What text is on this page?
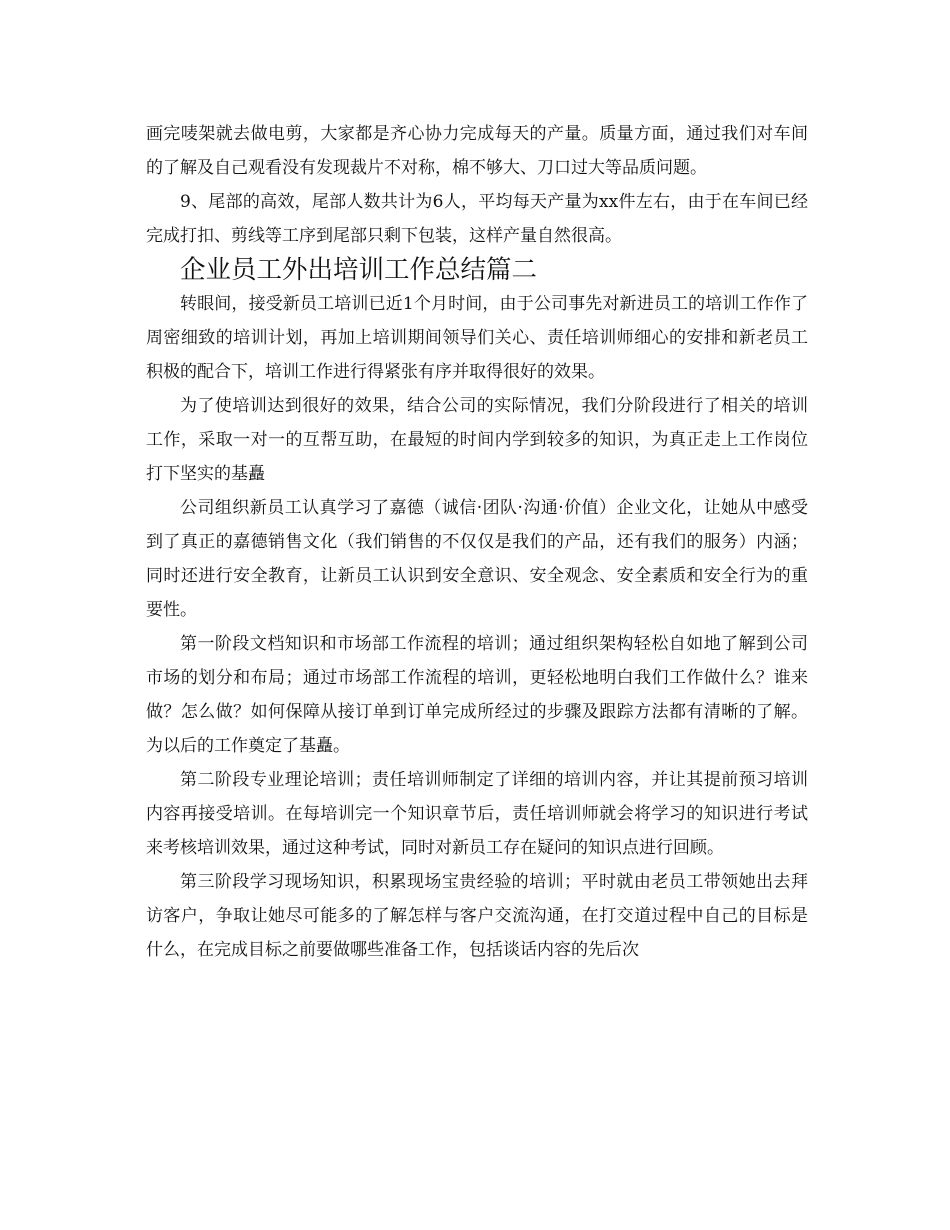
画完唛架就去做电剪，大家都是齐心协力完成每天的产量。质量方面，通过我们对车间的了解及自己观看没有发现裁片不对称，棉不够大、刀口过大等品质问题。

9、尾部的高效，尾部人数共计为6人，平均每天产量为xx件左右，由于在车间已经完成打扣、剪线等工序到尾部只剩下包装，这样产量自然很高。

企业员工外出培训工作总结篇二

转眼间，接受新员工培训已近1个月时间，由于公司事先对新进员工的培训工作作了周密细致的培训计划，再加上培训期间领导们关心、责任培训师细心的安排和新老员工积极的配合下，培训工作进行得紧张有序并取得很好的效果。

为了使培训达到很好的效果，结合公司的实际情况，我们分阶段进行了相关的培训工作，采取一对一的互帮互助，在最短的时间内学到较多的知识，为真正走上工作岗位打下坚实的基矗

公司组织新员工认真学习了嘉德（诚信·团队·沟通·价值）企业文化，让她从中感受到了真正的嘉德销售文化（我们销售的不仅仅是我们的产品，还有我们的服务）内涵；同时还进行安全教育，让新员工认识到安全意识、安全观念、安全素质和安全行为的重要性。

第一阶段文档知识和市场部工作流程的培训；通过组织架构轻松自如地了解到公司市场的划分和布局；通过市场部工作流程的培训，更轻松地明白我们工作做什么？谁来做？怎么做？如何保障从接订单到订单完成所经过的步骤及跟踪方法都有清晰的了解。为以后的工作奠定了基矗。

第二阶段专业理论培训；责任培训师制定了详细的培训内容，并让其提前预习培训内容再接受培训。在每培训完一个知识章节后，责任培训师就会将学习的知识进行考试来考核培训效果，通过这种考试，同时对新员工存在疑问的知识点进行回顾。

第三阶段学习现场知识，积累现场宝贵经验的培训；平时就由老员工带领她出去拜访客户，争取让她尽可能多的了解怎样与客户交流沟通，在打交道过程中自己的目标是什么，在完成目标之前要做哪些准备工作，包括谈话内容的先后次
